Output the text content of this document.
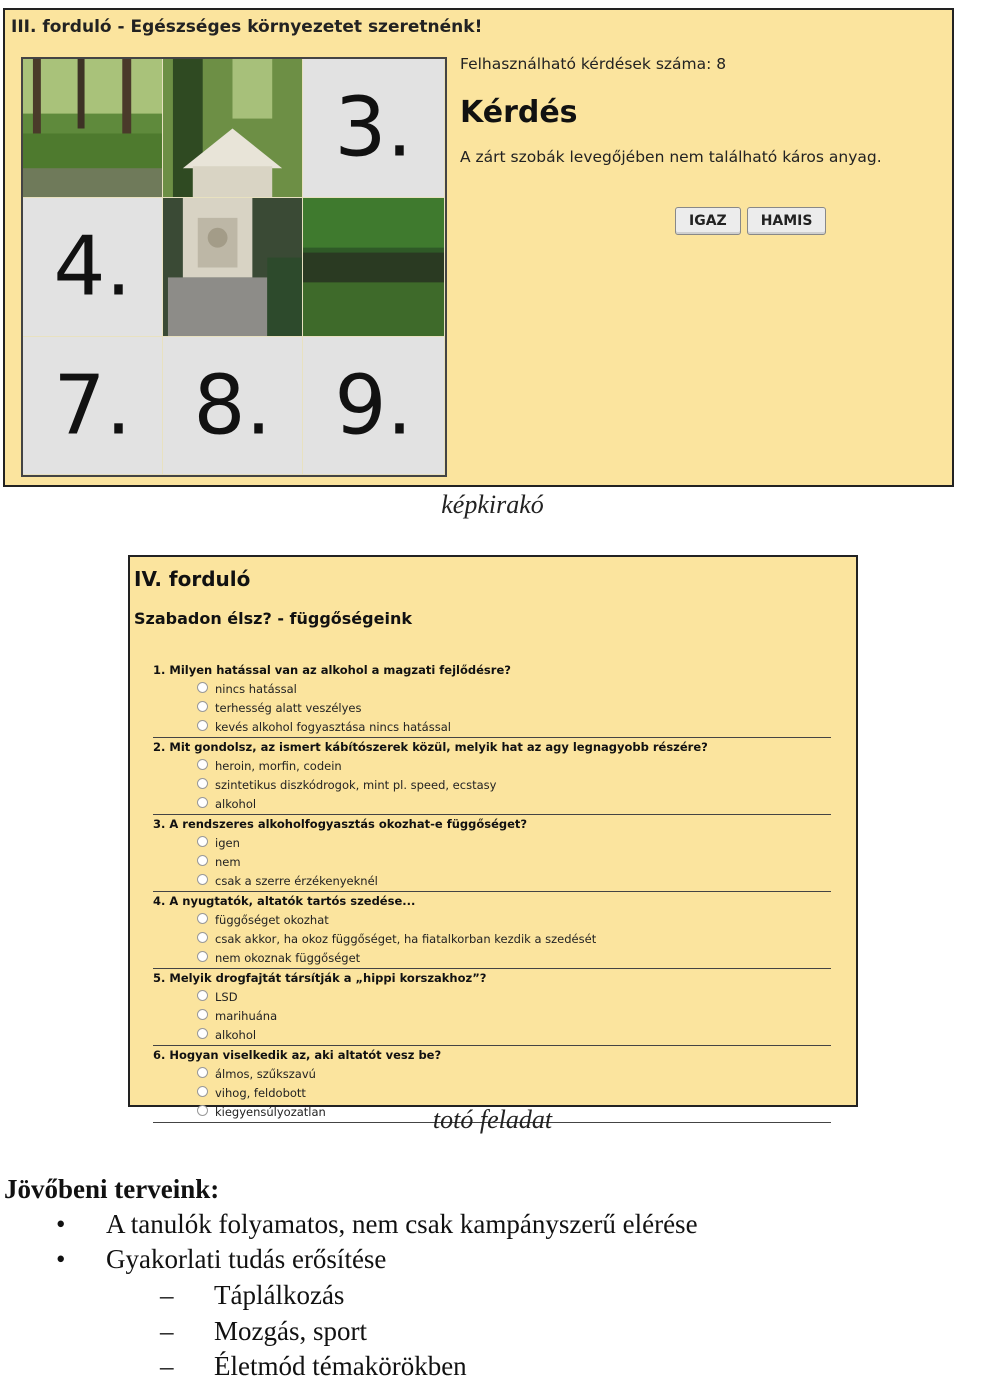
III. forduló - Egészséges környezetet szeretnénk!
3.
4.
7. 8. 9.
Felhasználható kérdések száma: 8
Kérdés
A zárt szobák levegőjében nem található káros anyag.
IGAZ HAMIS
képkirakó
IV. forduló
Szabadon élsz? - függőségeink
1. Milyen hatással van az alkohol a magzati fejlődésre?
nincs hatással
terhesség alatt veszélyes
kevés alkohol fogyasztása nincs hatással
2. Mit gondolsz, az ismert kábítószerek közül, melyik hat az agy legnagyobb részére?
heroin, morfin, codein
szintetikus diszkódrogok, mint pl. speed, ecstasy
alkohol
3. A rendszeres alkoholfogyasztás okozhat-e függőséget?
igen
nem
csak a szerre érzékenyeknél
4. A nyugtatók, altatók tartós szedése...
függőséget okozhat
csak akkor, ha okoz függőséget, ha fiatalkorban kezdik a szedését
nem okoznak függőséget
5. Melyik drogfajtát társítják a „hippi korszakhoz”?
LSD
marihuána
alkohol
6. Hogyan viselkedik az, aki altatót vesz be?
álmos, szűkszavú
vihog, feldobott
kiegyensúlyozatlan	totó feladat
Jövőbeni terveink:
• A tanulók folyamatos, nem csak kampányszerű elérése
• Gyakorlati tudás erősítése
– Táplálkozás
– Mozgás, sport
– Életmód témakörökben
